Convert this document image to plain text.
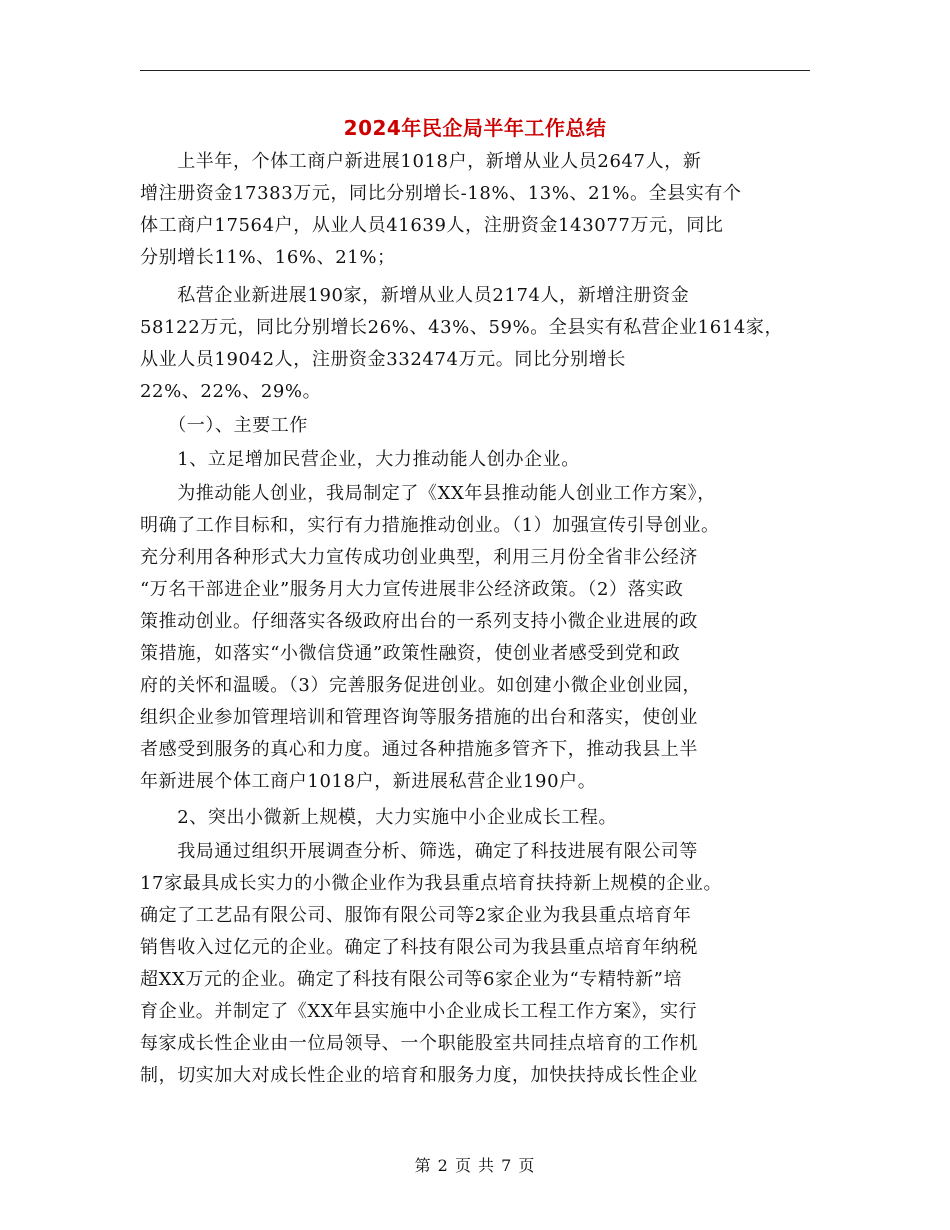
2024年民企局半年工作总结
　　上半年，个体工商户新进展1018户，新增从业人员2647人，新
增注册资金17383万元，同比分别增长-18%、13%、21%。全县实有个
体工商户17564户，从业人员41639人，注册资金143077万元，同比
分别增长11%、16%、21%；
　　私营企业新进展190家，新增从业人员2174人，新增注册资金
58122万元，同比分别增长26%、43%、59%。全县实有私营企业1614家，
从业人员19042人，注册资金332474万元。同比分别增长
22%、22%、29%。
　　（一）、主要工作
　　1、立足增加民营企业，大力推动能人创办企业。
　　为推动能人创业，我局制定了《XX年县推动能人创业工作方案》，
明确了工作目标和，实行有力措施推动创业。（1）加强宣传引导创业。
充分利用各种形式大力宣传成功创业典型，利用三月份全省非公经济
“万名干部进企业”服务月大力宣传进展非公经济政策。（2）落实政
策推动创业。仔细落实各级政府出台的一系列支持小微企业进展的政
策措施，如落实“小微信贷通”政策性融资，使创业者感受到党和政
府的关怀和温暖。（3）完善服务促进创业。如创建小微企业创业园，
组织企业参加管理培训和管理咨询等服务措施的出台和落实，使创业
者感受到服务的真心和力度。通过各种措施多管齐下，推动我县上半
年新进展个体工商户1018户，新进展私营企业190户。
　　2、突出小微新上规模，大力实施中小企业成长工程。
　　我局通过组织开展调查分析、筛选，确定了科技进展有限公司等
17家最具成长实力的小微企业作为我县重点培育扶持新上规模的企业。
确定了工艺品有限公司、服饰有限公司等2家企业为我县重点培育年
销售收入过亿元的企业。确定了科技有限公司为我县重点培育年纳税
超XX万元的企业。确定了科技有限公司等6家企业为“专精特新”培
育企业。并制定了《XX年县实施中小企业成长工程工作方案》，实行
每家成长性企业由一位局领导、一个职能股室共同挂点培育的工作机
制，切实加大对成长性企业的培育和服务力度，加快扶持成长性企业
第 2 页 共 7 页
